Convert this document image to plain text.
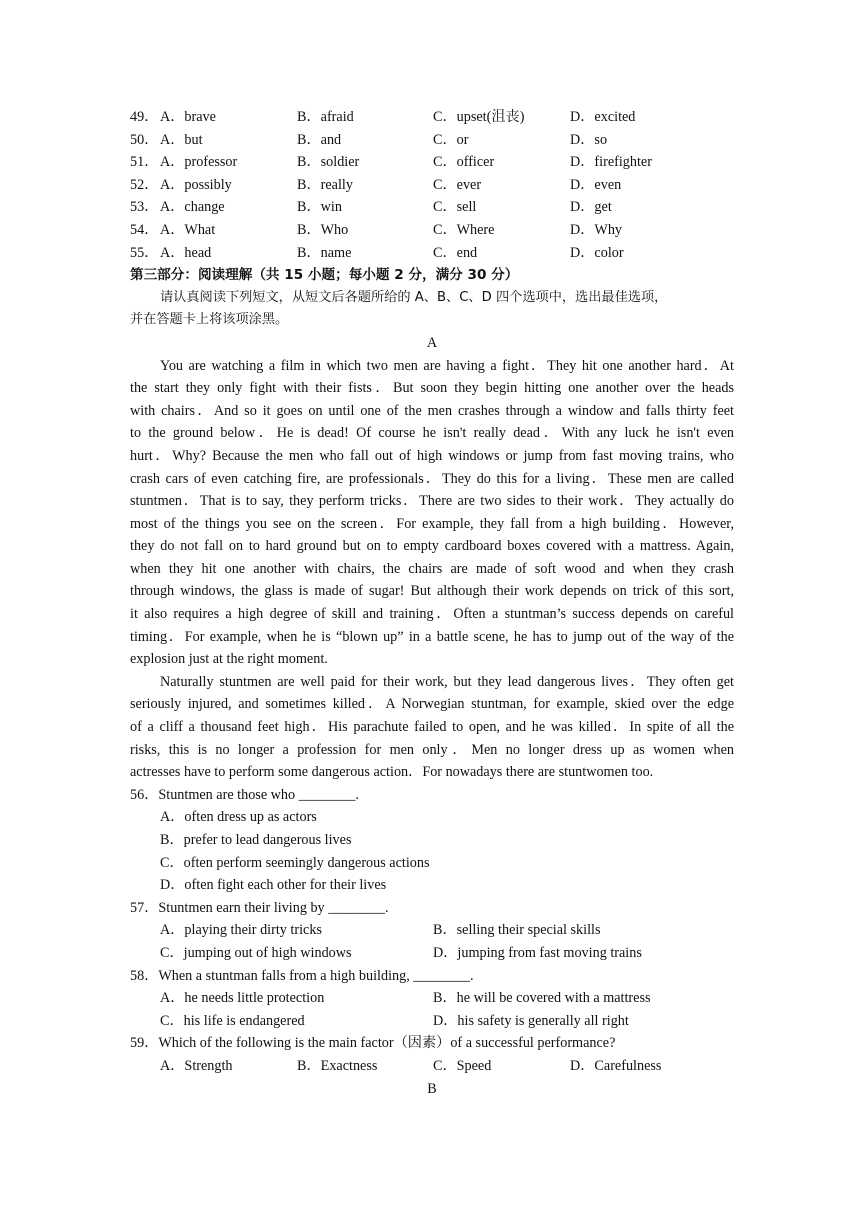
49． A．brave	B．afraid	C．upset(沮丧)	D．excited
50． A．but	B．and	C．or	D．so
51． A．professor	B．soldier	C．officer	D．firefighter
52． A．possibly	B．really	C．ever	D．even
53． A．change	B．win	C．sell	D．get
54． A．What	B．Who	C．Where	D．Why
55． A．head	B．name	C．end	D．color
第三部分：阅读理解（共 15 小题；每小题 2 分，满分 30 分）
请认真阅读下列短文，从短文后各题所给的 A、B、C、D 四个选项中，选出最佳选项，
并在答题卡上将该项涂黑。
A
You are watching a film in which two men are having a fight．They hit one another hard．At
the start they only fight with their fists．But soon they begin hitting one another over the heads
with chairs．And so it goes on until one of the men crashes through a window and falls thirty feet
to the ground below．He is dead! Of course he isn't really dead．With any luck he isn't even
hurt．Why? Because the men who fall out of high windows or jump from fast moving trains, who
crash cars of even catching fire, are professionals．They do this for a living．These men are called
stuntmen．That is to say, they perform tricks．There are two sides to their work．They actually do
most of the things you see on the screen．For example, they fall from a high building．However,
they do not fall on to hard ground but on to empty cardboard boxes covered with a mattress. Again,
when they hit one another with chairs, the chairs are made of soft wood and when they crash
through windows, the glass is made of sugar! But although their work depends on trick of this sort,
it also requires a high degree of skill and training．Often a stuntman’s success depends on careful
timing．For example, when he is “blown up” in a battle scene, he has to jump out of the way of the
explosion just at the right moment.
Naturally stuntmen are well paid for their work, but they lead dangerous lives．They often get
seriously injured, and sometimes killed．A Norwegian stuntman, for example, skied over the edge
of a cliff a thousand feet high．His parachute failed to open, and he was killed．In spite of all the
risks, this is no longer a profession for men only．Men no longer dress up as women when
actresses have to perform some dangerous action．For nowadays there are stuntwomen too.
56．Stuntmen are those who ________.
A．often dress up as actors
B．prefer to lead dangerous lives
C．often perform seemingly dangerous actions
D．often fight each other for their lives
57．Stuntmen earn their living by ________.
A．playing their dirty tricks	B．selling their special skills
C．jumping out of high windows	D．jumping from fast moving trains
58．When a stuntman falls from a high building, ________.
A．he needs little protection	B．he will be covered with a mattress
C．his life is endangered	D．his safety is generally all right
59．Which of the following is the main factor（因素）of a successful performance?
A．Strength	B．Exactness	C．Speed	D．Carefulness
B
